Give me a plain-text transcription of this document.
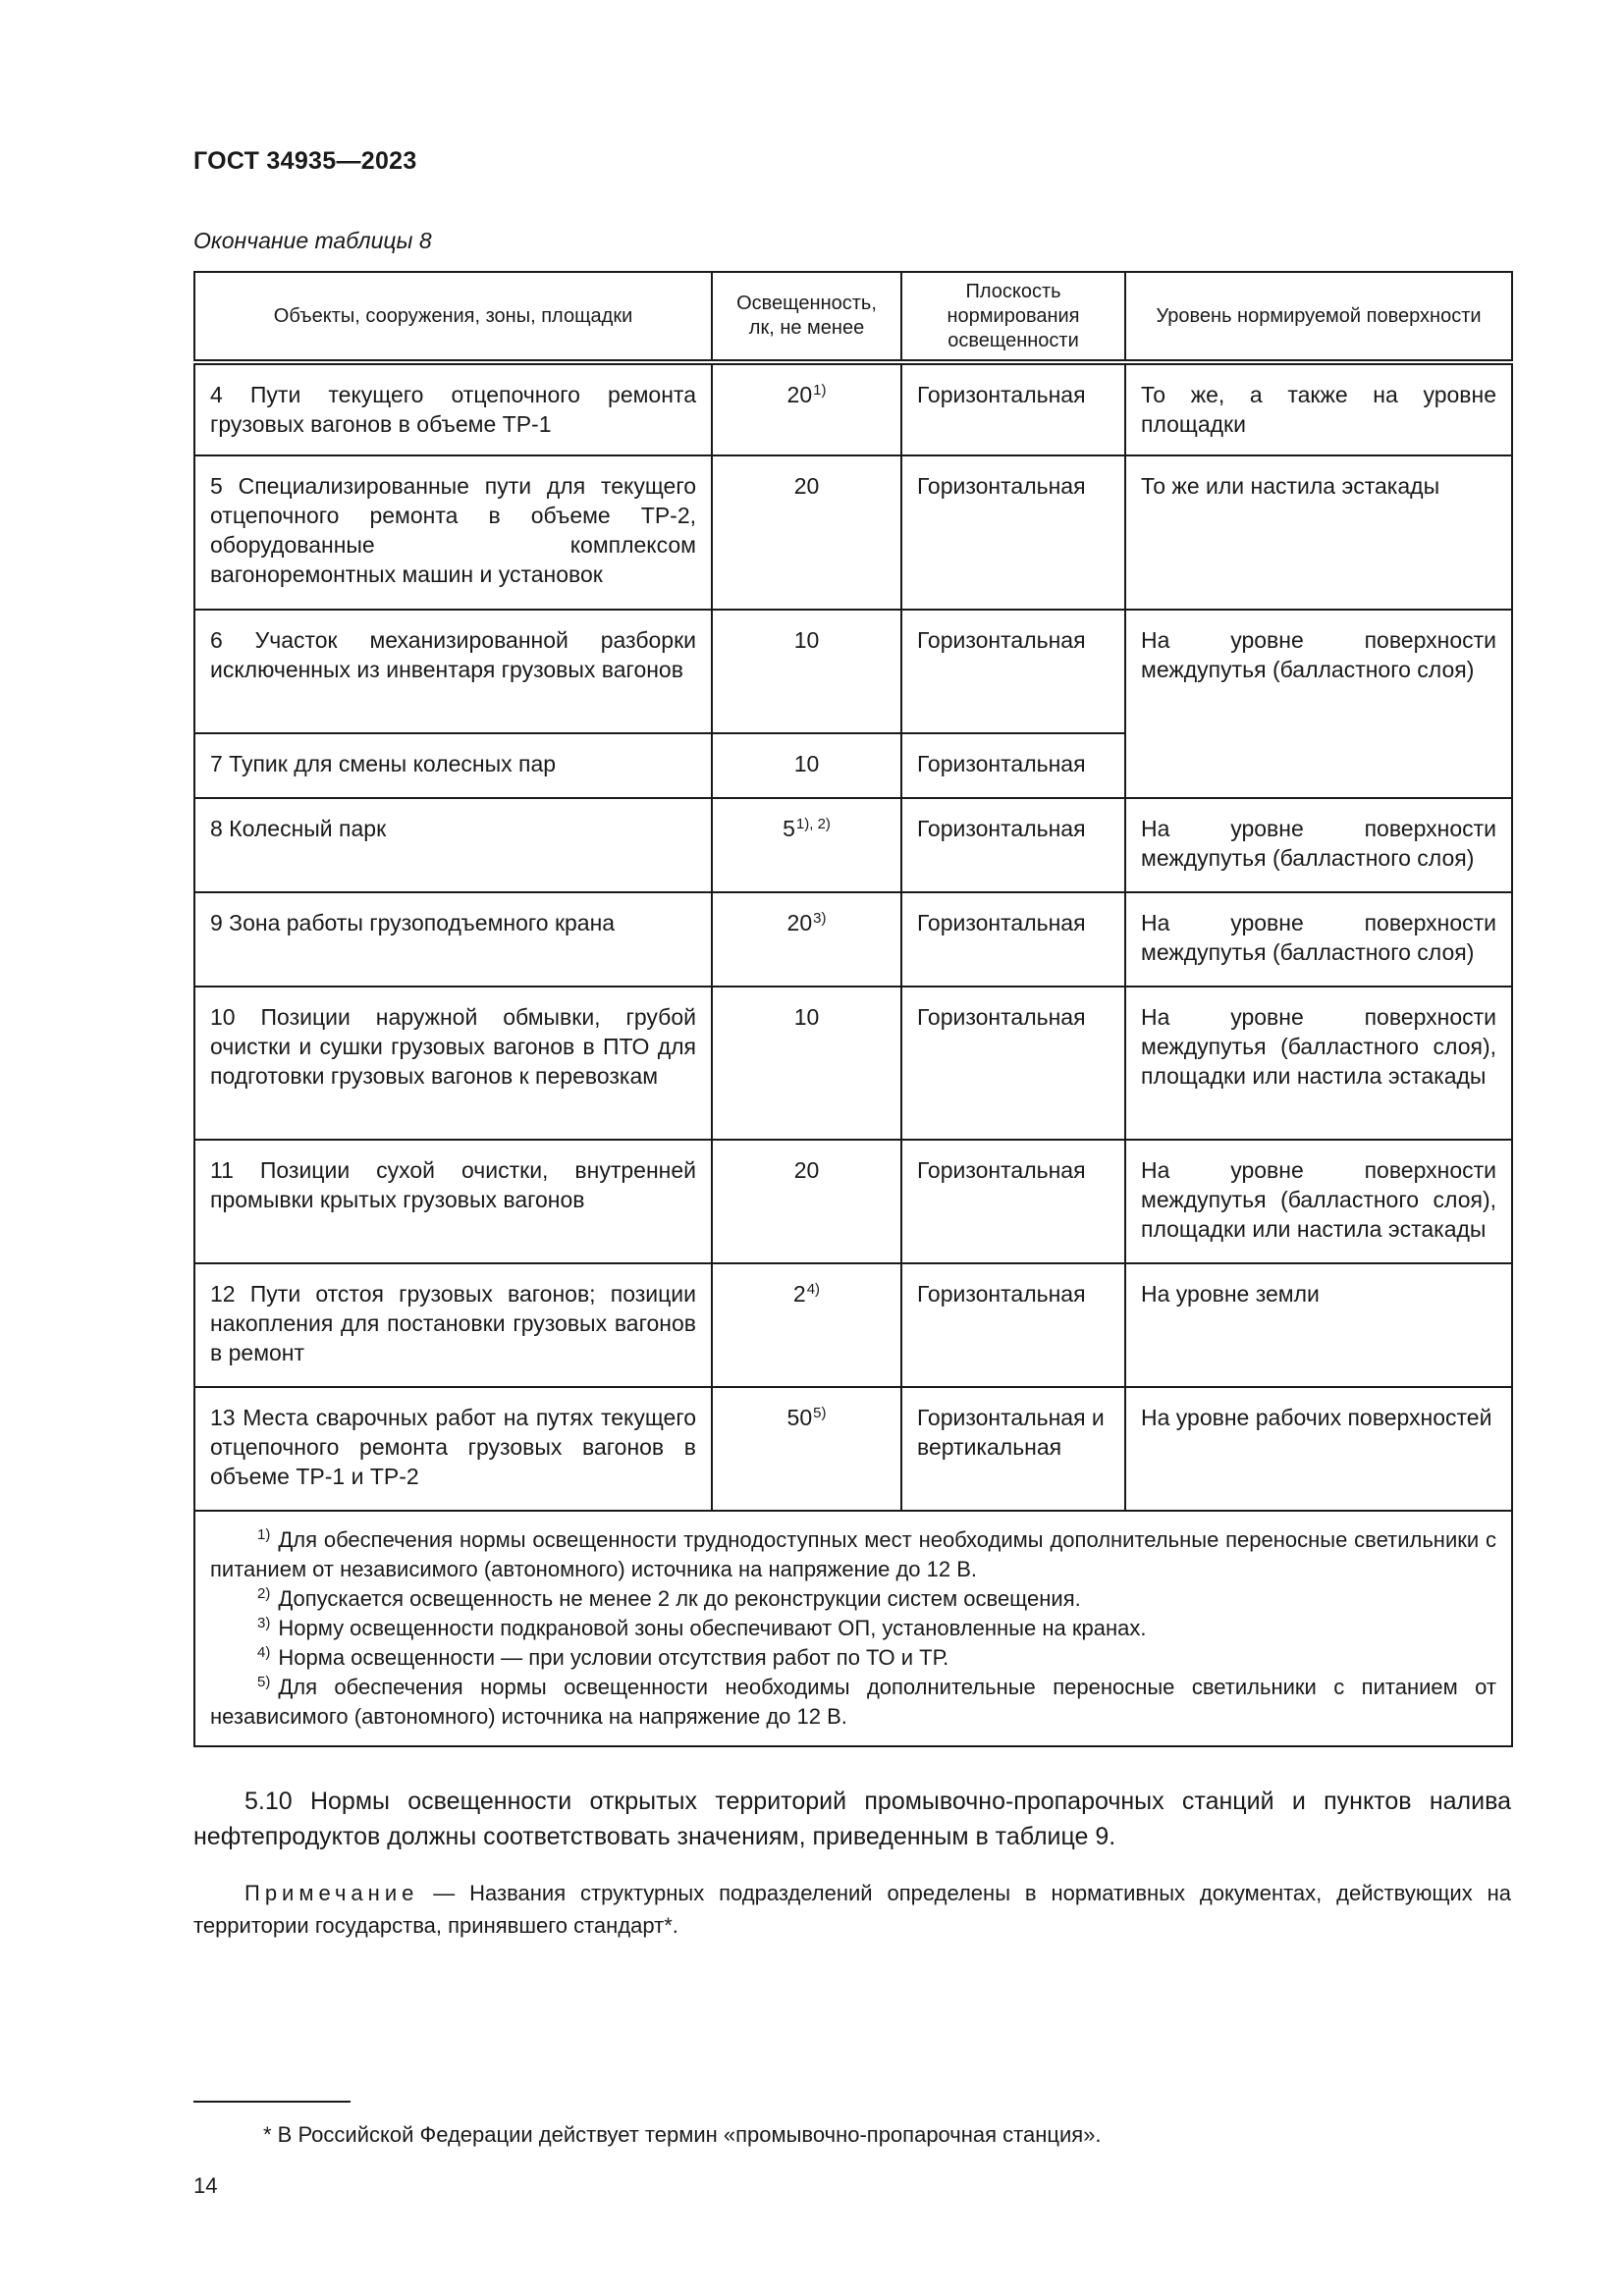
ГОСТ 34935—2023
Окончание таблицы 8
Объекты, сооружения, зоны, площадки	Освещенность, лк, не менее	Плоскость нормирования освещенности	Уровень нормируемой поверхности
4 Пути текущего отцепочного ремонта грузовых вагонов в объеме ТР-1	20$^{1)}$	Горизонтальная	То же, а также на уровне площадки
5 Специализированные пути для текущего отцепочного ремонта в объеме ТР-2, оборудованные комплексом вагоноремонтных машин и установок	20	Горизонтальная	То же или настила эстакады
6 Участок механизированной разборки исключенных из инвентаря грузовых вагонов	10	Горизонтальная	На уровне поверхности междупутья (балластного слоя)
7 Тупик для смены колесных пар	10	Горизонтальная	
8 Колесный парк	$5^{1), 2)}$	Горизонтальная	На уровне поверхности междупутья (балластного слоя)
9 Зона работы грузоподъемного крана	20$^{3)}$	Горизонтальная	На уровне поверхности междупутья (балластного слоя)
10 Позиции наружной обмывки, грубой очистки и сушки грузовых вагонов в ПТО для подготовки грузовых вагонов к перевозкам	10	Горизонтальная	На уровне поверхности междупутья (балластного слоя), площадки или настила эстакады
11 Позиции сухой очистки, внутренней промывки крытых грузовых вагонов	20	Горизонтальная	На уровне поверхности междупутья (балластного слоя), площадки или настила эстакады
12 Пути отстоя грузовых вагонов; позиции накопления для постановки грузовых вагонов в ремонт	2$^{4)}$	Горизонтальная	На уровне земли
13 Места сварочных работ на путях текущего отцепочного ремонта грузовых вагонов в объеме ТР-1 и ТР-2	50$^{5)}$	Горизонтальная и вертикальная	На уровне рабочих поверхностей

$^{1)}$ Для обеспечения нормы освещенности труднодоступных мест необходимы дополнительные переносные светильники с питанием от независимого (автономного) источника на напряжение до 12 В.
$^{2)}$ Допускается освещенность не менее 2 лк до реконструкции систем освещения.
$^{3)}$ Норму освещенности подкрановой зоны обеспечивают ОП, установленные на кранах.
$^{4)}$ Норма освещенности — при условии отсутствия работ по ТО и ТР.
$^{5)}$ Для обеспечения нормы освещенности необходимы дополнительные переносные светильники с питанием от независимого (автономного) источника на напряжение до 12 В.			
5.10 Нормы освещенности открытых территорий промывочно-пропарочных станций и пунктов налива нефтепродуктов должны соответствовать значениям, приведенным в таблице 9.
Примечание — Названия структурных подразделений определены в нормативных документах, действующих на территории государства, принявшего стандарт*.
* В Российской Федерации действует термин «промывочно-пропарочная станция».
14
